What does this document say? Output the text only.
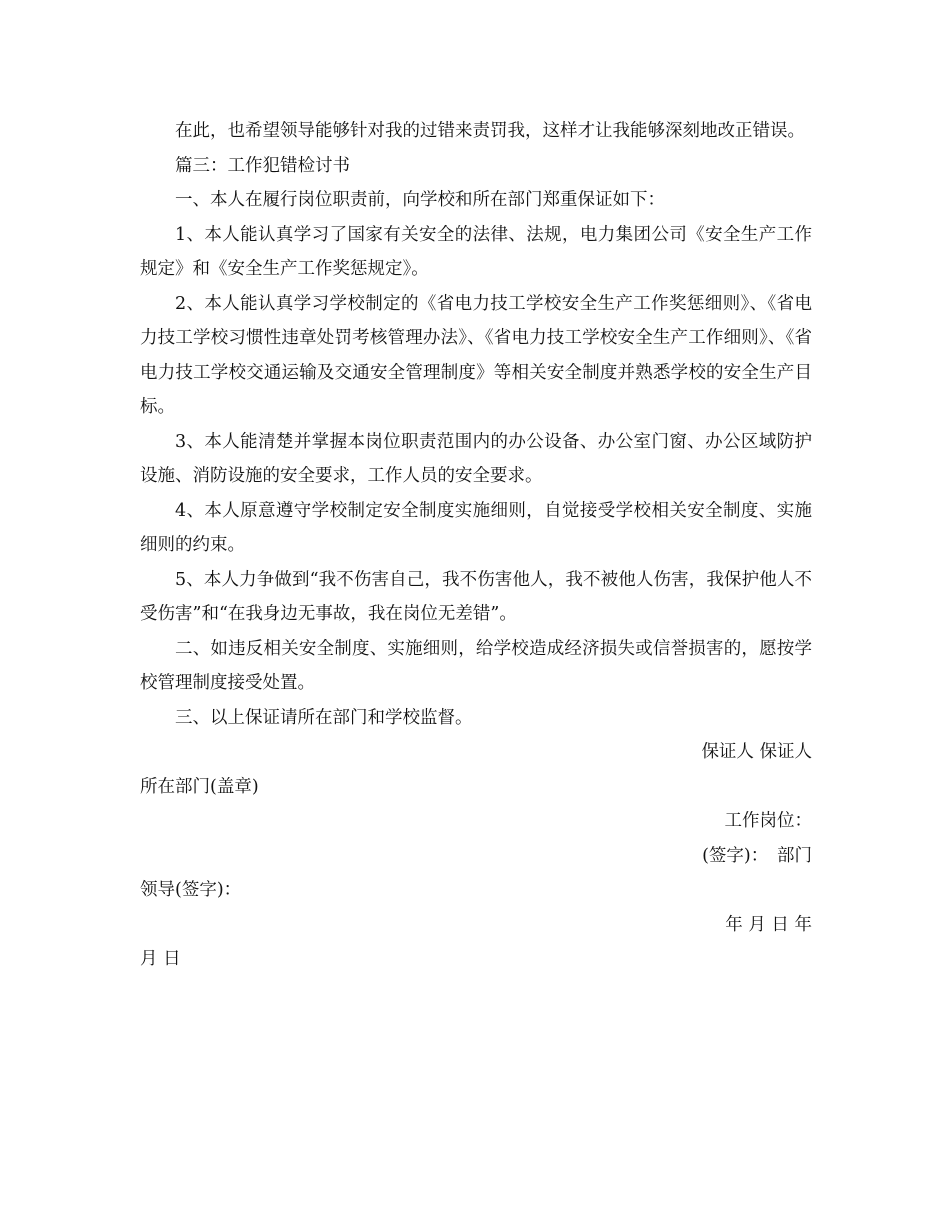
在此，也希望领导能够针对我的过错来责罚我，这样才让我能够深刻地改正错误。

篇三：工作犯错检讨书

一、本人在履行岗位职责前，向学校和所在部门郑重保证如下：

1、本人能认真学习了国家有关安全的法律、法规，电力集团公司《安全生产工作规定》和《安全生产工作奖惩规定》。

2、本人能认真学习学校制定的《省电力技工学校安全生产工作奖惩细则》、《省电力技工学校习惯性违章处罚考核管理办法》、《省电力技工学校安全生产工作细则》、《省电力技工学校交通运输及交通安全管理制度》等相关安全制度并熟悉学校的安全生产目标。

3、本人能清楚并掌握本岗位职责范围内的办公设备、办公室门窗、办公区域防护设施、消防设施的安全要求，工作人员的安全要求。

4、本人原意遵守学校制定安全制度实施细则，自觉接受学校相关安全制度、实施细则的约束。

5、本人力争做到“我不伤害自己，我不伤害他人，我不被他人伤害，我保护他人不受伤害”和“在我身边无事故，我在岗位无差错”。

二、如违反相关安全制度、实施细则，给学校造成经济损失或信誉损害的，愿按学校管理制度接受处置。

三、以上保证请所在部门和学校监督。

保证人 保证人

所在部门(盖章)

工作岗位：

(签字)：　部门

领导(签字)：

年 月 日 年

月 日
